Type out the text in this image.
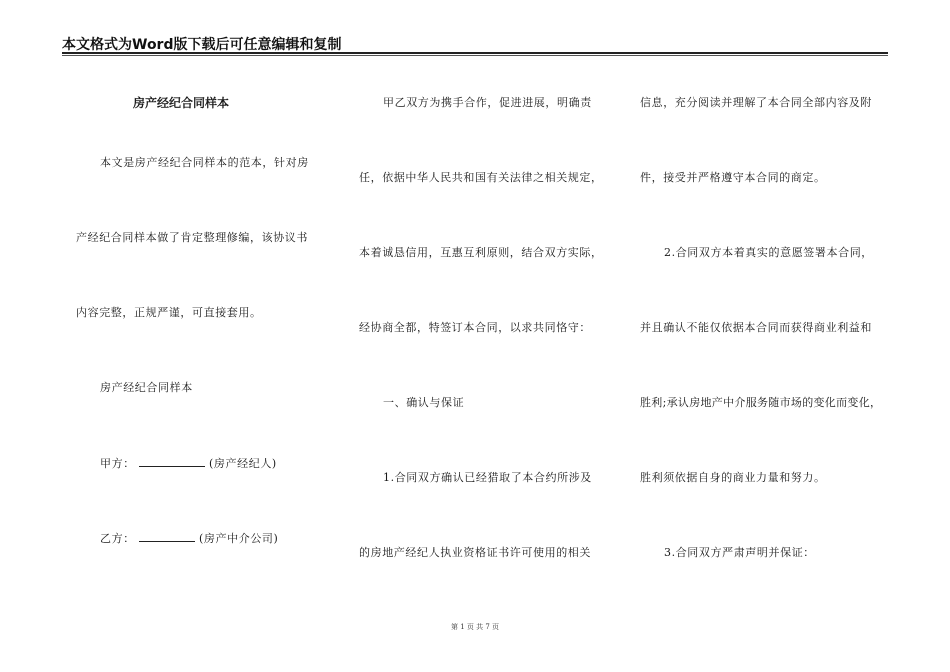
本文格式为Word版下载后可任意编辑和复制
房产经纪合同样本
本文是房产经纪合同样本的范本，针对房
产经纪合同样本做了肯定整理修编，该协议书
内容完整，正规严谨，可直接套用。
房产经纪合同样本
甲方：	(房产经纪人)
乙方：	(房产中介公司)
甲乙双方为携手合作，促进进展，明确责
任，依据中华人民共和国有关法律之相关规定，
本着诚恳信用，互惠互利原则，结合双方实际，
经协商全都，特签订本合同，以求共同恪守：
一、确认与保证
1.合同双方确认已经猎取了本合约所涉及
的房地产经纪人执业资格证书许可使用的相关
信息，充分阅读并理解了本合同全部内容及附
件，接受并严格遵守本合同的商定。
2.合同双方本着真实的意愿签署本合同，
并且确认不能仅依据本合同而获得商业利益和
胜利;承认房地产中介服务随市场的变化而变化，
胜利须依据自身的商业力量和努力。
3.合同双方严肃声明并保证：
第 1 页 共 7 页
